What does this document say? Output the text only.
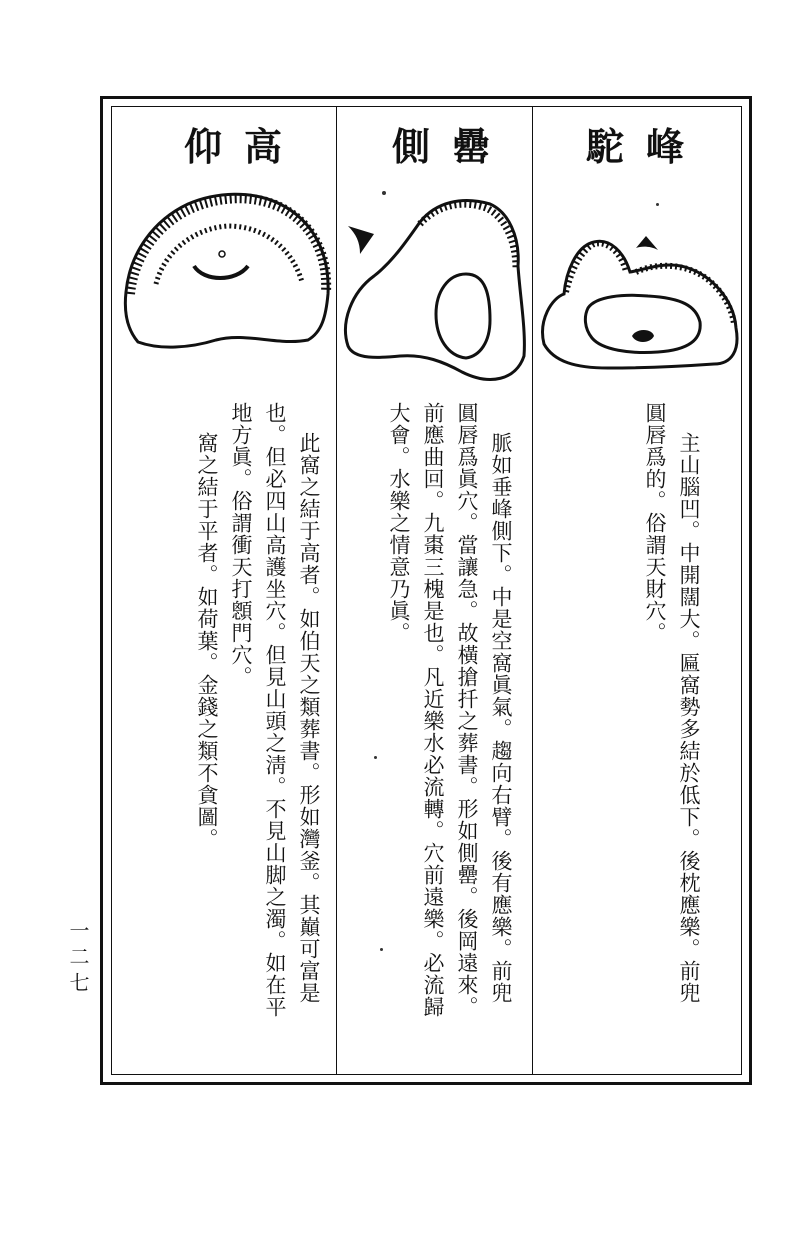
駝峰
主山腦凹。中開闊大。匾窩勢多結於低下。後枕應樂。前兜
圓唇爲的。俗謂天財穴。
側罍
脈如垂峰側下。中是空窩眞氣。趨向右臂。後有應樂。前兜
圓唇爲眞穴。當讓急。故橫搶扦之葬書。形如側罍。後岡遠來。
前應曲回。九棗三槐是也。凡近樂水必流轉。穴前遠樂。必流歸
大會。水樂之情意乃眞。
仰高
此窩之結于高者。如伯天之類葬書。形如灣釜。其巔可富是
也。但必四山高護坐穴。但見山頭之淸。不見山脚之濁。如在平
地方眞。俗謂衝天打顖門穴。
窩之結于平者。如荷葉。金錢之類不貪圖。
一二七
